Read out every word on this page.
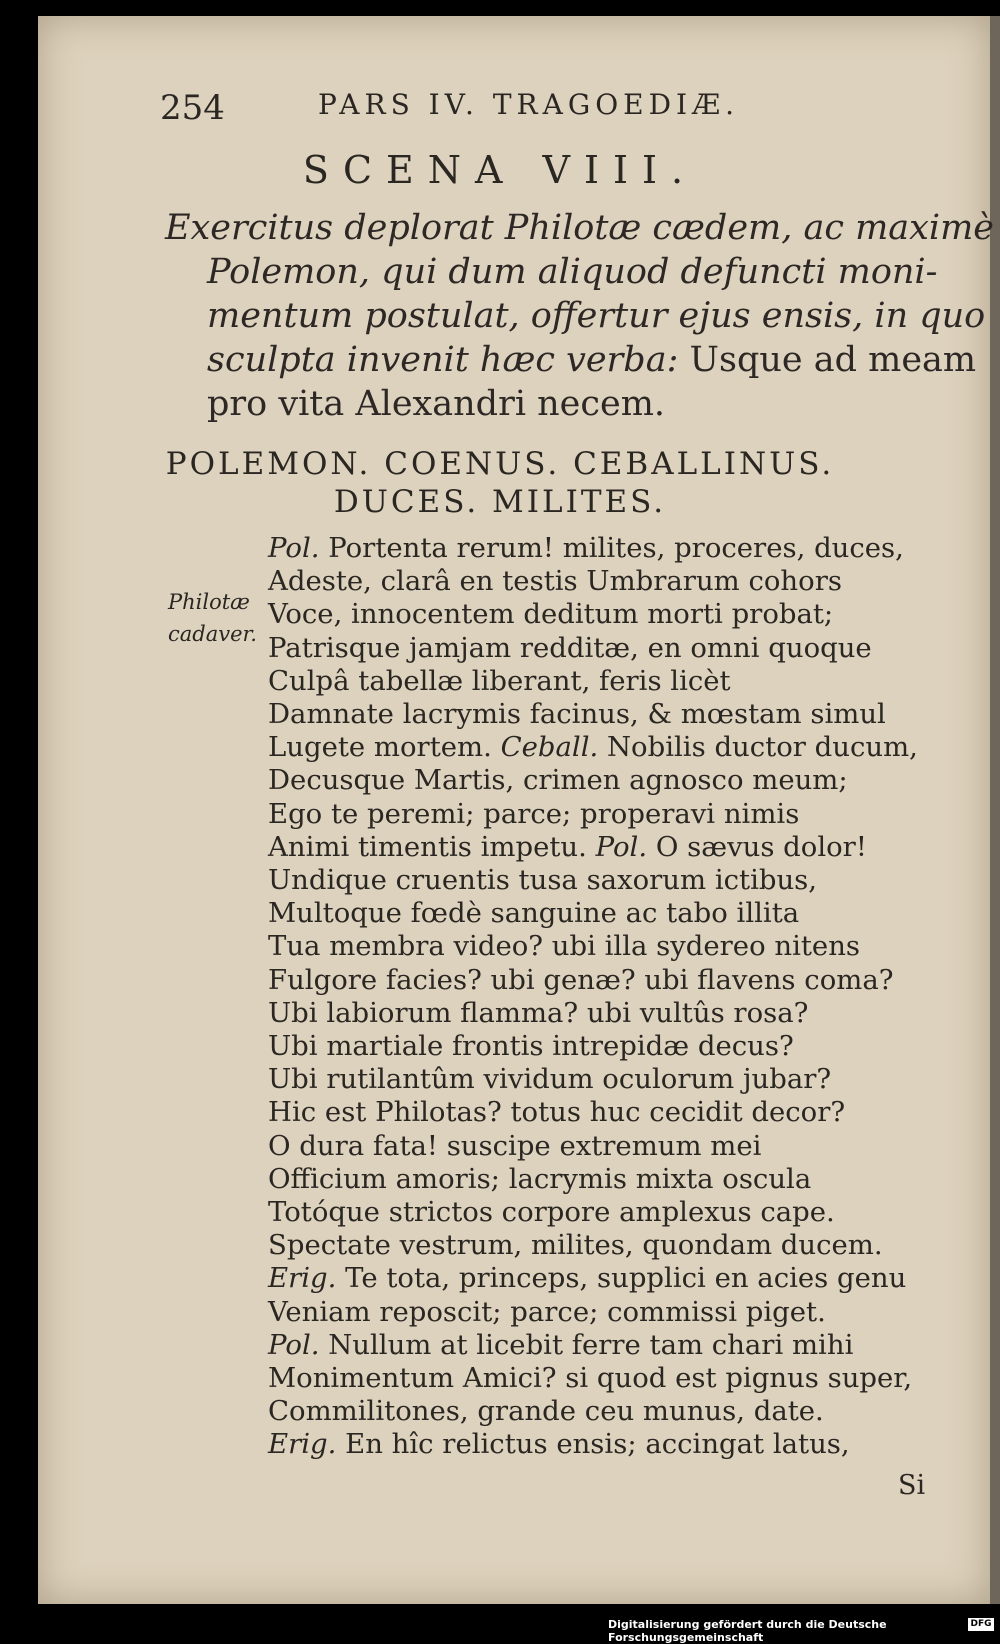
254	PARS IV. TRAGOEDIÆ.
SCENA VIII.
Exercitus deplorat Philotæ cædem, ac maximè
Polemon, qui dum aliquod defuncti moni-
mentum postulat, offertur ejus ensis, in quo
sculpta invenit hæc verba: Usque ad meam
pro vita Alexandri necem.
POLEMON. COENUS. CEBALLINUS.
DUCES. MILITES.
Philotæ
cadaver.
Pol. Portenta rerum! milites, proceres, duces,
Adeste, clarâ en testis Umbrarum cohors
Voce, innocentem deditum morti probat;
Patrisque jamjam redditæ, en omni quoque
Culpâ tabellæ liberant, feris licèt
Damnate lacrymis facinus, & mœstam simul
Lugete mortem. Ceball. Nobilis ductor ducum,
Decusque Martis, crimen agnosco meum;
Ego te peremi; parce; properavi nimis
Animi timentis impetu. Pol. O sævus dolor!
Undique cruentis tusa saxorum ictibus,
Multoque fœdè sanguine ac tabo illita
Tua membra video? ubi illa sydereo nitens
Fulgore facies? ubi genæ? ubi flavens coma?
Ubi labiorum flamma? ubi vultûs rosa?
Ubi martiale frontis intrepidæ decus?
Ubi rutilantûm vividum oculorum jubar?
Hic est Philotas? totus huc cecidit decor?
O dura fata! suscipe extremum mei
Officium amoris; lacrymis mixta oscula
Totóque strictos corpore amplexus cape.
Spectate vestrum, milites, quondam ducem.
Erig. Te tota, princeps, supplici en acies genu
Veniam reposcit; parce; commissi piget.
Pol. Nullum at licebit ferre tam chari mihi
Monimentum Amici? si quod est pignus super,
Commilitones, grande ceu munus, date.
Erig. En hîc relictus ensis; accingat latus,
Si
Digitalisierung gefördert durch die Deutsche Forschungsgemeinschaft
DFG
